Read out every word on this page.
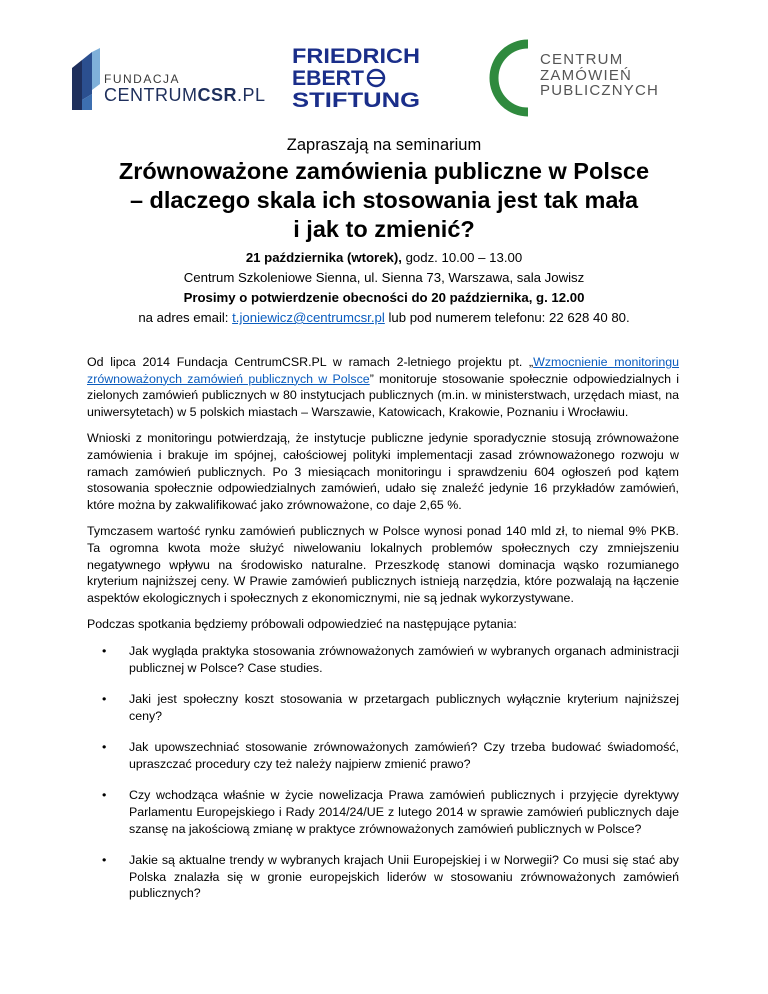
FUNDACJA
CENTRUMCSR.PL
FRIEDRICH
EBERT
STIFTUNG
CENTRUM
ZAMÓWIEŃ
PUBLICZNYCH
Zapraszają na seminarium
Zrównoważone zamówienia publiczne w Polsce
– dlaczego skala ich stosowania jest tak mała
i jak to zmienić?
21 października (wtorek), godz. 10.00 – 13.00
Centrum Szkoleniowe Sienna, ul. Sienna 73, Warszawa, sala Jowisz
Prosimy o potwierdzenie obecności do 20 października, g. 12.00
na adres email: t.joniewicz@centrumcsr.pl lub pod numerem telefonu: 22 628 40 80.

Od lipca 2014 Fundacja CentrumCSR.PL w ramach 2-letniego projektu pt. „Wzmocnienie monitoringu zrównoważonych zamówień publicznych w Polsce” monitoruje stosowanie społecznie odpowiedzialnych i zielonych zamówień publicznych w 80 instytucjach publicznych (m.in. w ministerstwach, urzędach miast, na uniwersytetach) w 5 polskich miastach – Warszawie, Katowicach, Krakowie, Poznaniu i Wrocławiu.

Wnioski z monitoringu potwierdzają, że instytucje publiczne jedynie sporadycznie stosują zrównoważone zamówienia i brakuje im spójnej, całościowej polityki implementacji zasad zrównoważonego rozwoju w ramach zamówień publicznych. Po 3 miesiącach monitoringu i sprawdzeniu 604 ogłoszeń pod kątem stosowania społecznie odpowiedzialnych zamówień, udało się znaleźć jedynie 16 przykładów zamówień, które można by zakwalifikować jako zrównoważone, co daje 2,65 %.

Tymczasem wartość rynku zamówień publicznych w Polsce wynosi ponad 140 mld zł, to niemal 9% PKB. Ta ogromna kwota może służyć niwelowaniu lokalnych problemów społecznych czy zmniejszeniu negatywnego wpływu na środowisko naturalne. Przeszkodę stanowi dominacja wąsko rozumianego kryterium najniższej ceny. W Prawie zamówień publicznych istnieją narzędzia, które pozwalają na łączenie aspektów ekologicznych i społecznych z ekonomicznymi, nie są jednak wykorzystywane.

Podczas spotkania będziemy próbowali odpowiedzieć na następujące pytania:

• Jak wygląda praktyka stosowania zrównoważonych zamówień w wybranych organach administracji publicznej w Polsce? Case studies.
• Jaki jest społeczny koszt stosowania w przetargach publicznych wyłącznie kryterium najniższej ceny?
• Jak upowszechniać stosowanie zrównoważonych zamówień? Czy trzeba budować świadomość, upraszczać procedury czy też należy najpierw zmienić prawo?
• Czy wchodząca właśnie w życie nowelizacja Prawa zamówień publicznych i przyjęcie dyrektywy Parlamentu Europejskiego i Rady 2014/24/UE z lutego 2014 w sprawie zamówień publicznych daje szansę na jakościową zmianę w praktyce zrównoważonych zamówień publicznych w Polsce?
• Jakie są aktualne trendy w wybranych krajach Unii Europejskiej i w Norwegii? Co musi się stać aby Polska znalazła się w gronie europejskich liderów w stosowaniu zrównoważonych zamówień publicznych?
